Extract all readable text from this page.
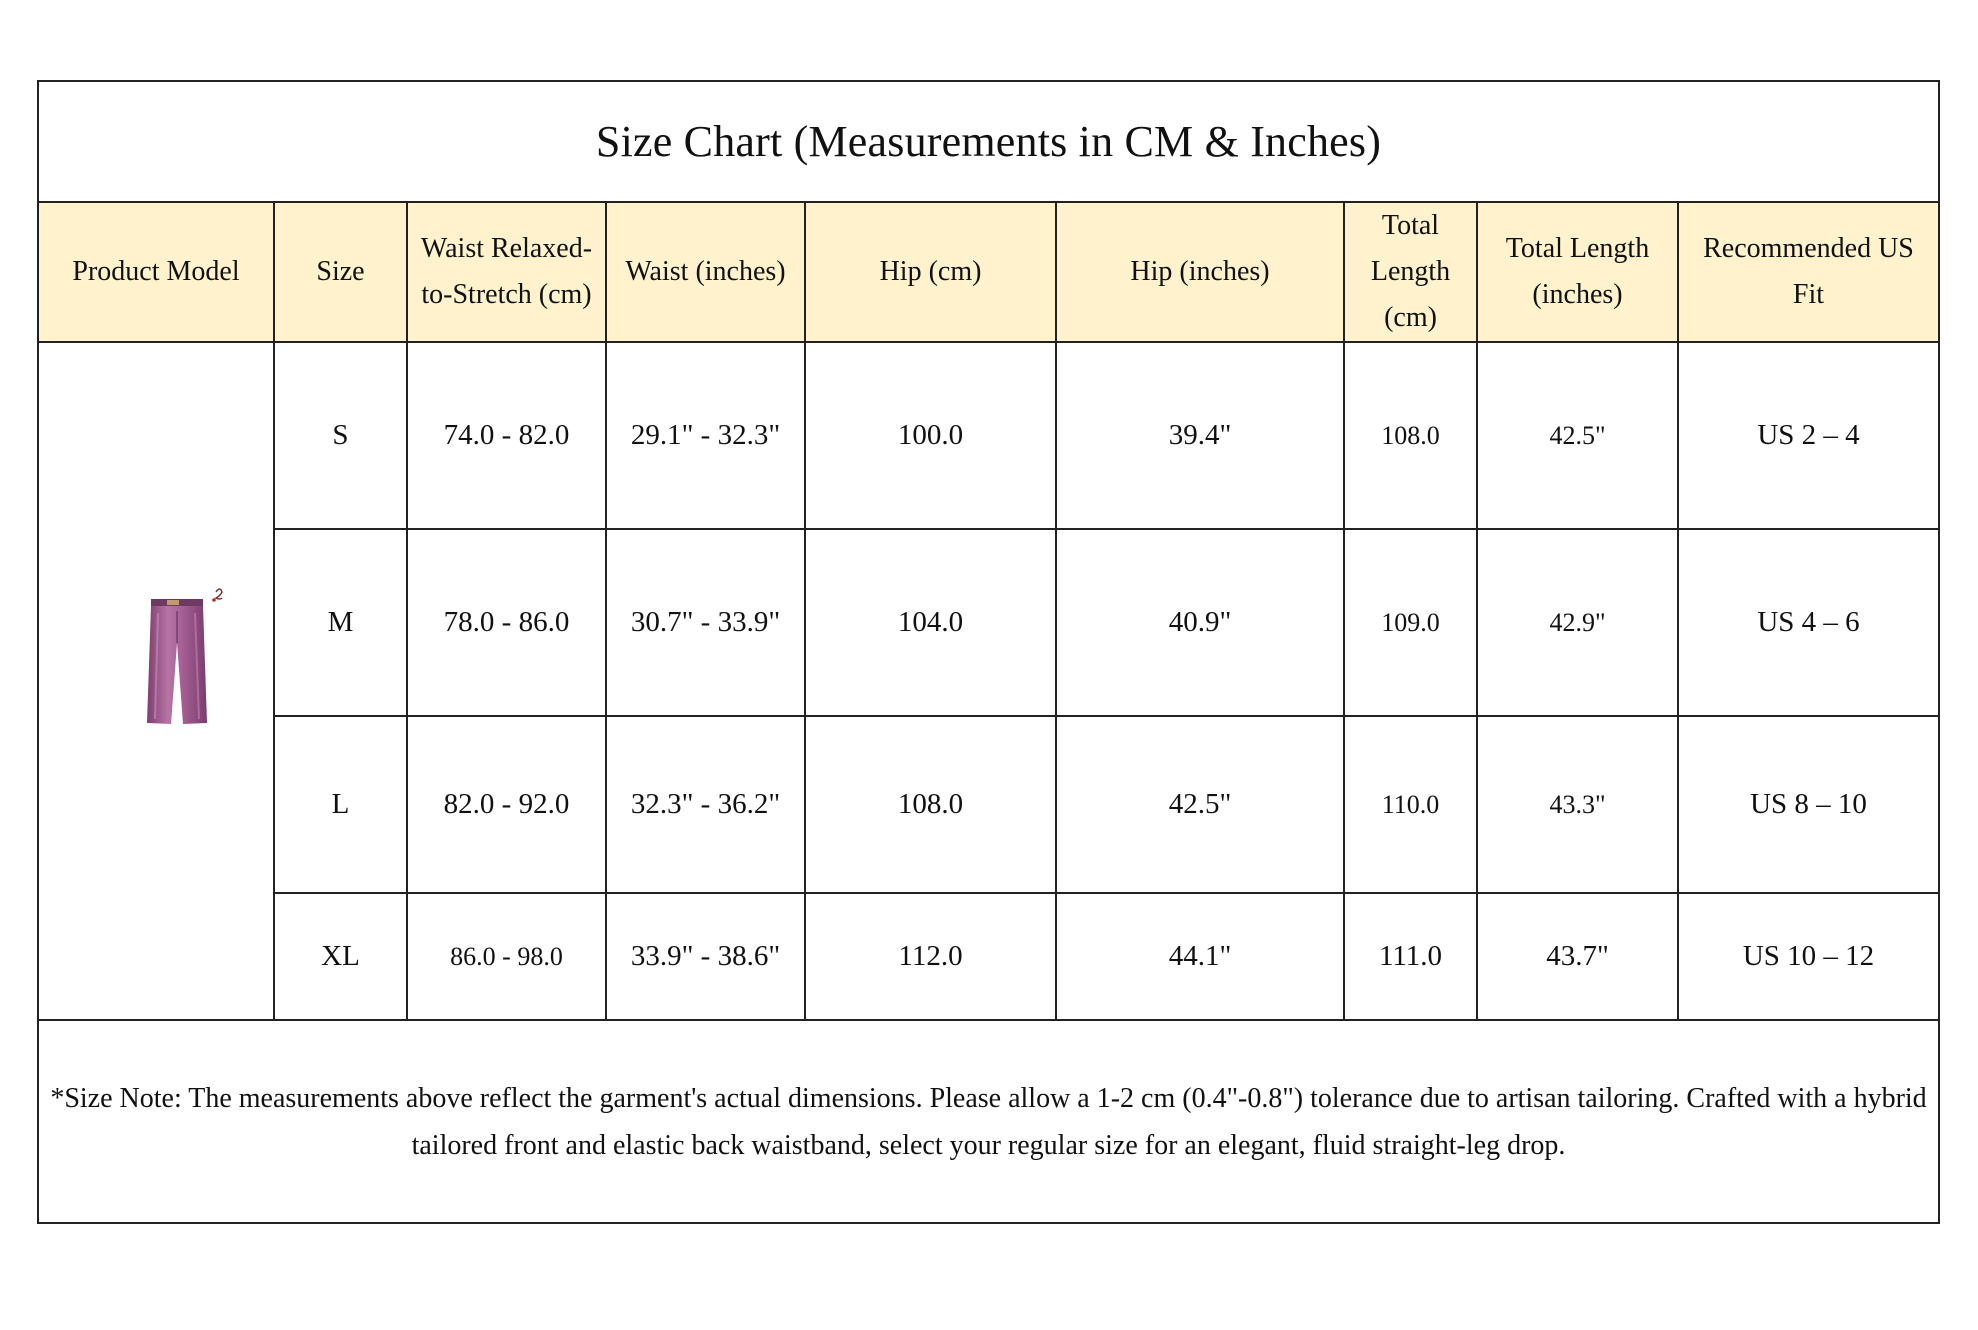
Size Chart (Measurements in CM & Inches)
Product Model	Size	Waist Relaxed-to-Stretch (cm)	Waist (inches)	Hip (cm)	Hip (inches)	Total Length (cm)	Total Length (inches)	Recommended US Fit

	S	74.0 - 82.0	29.1" - 32.3"	100.0	39.4"	108.0	42.5"	US 2 – 4
	M	78.0 - 86.0	30.7" - 33.9"	104.0	40.9"	109.0	42.9"	US 4 – 6
	L	82.0 - 92.0	32.3" - 36.2"	108.0	42.5"	110.0	43.3"	US 8 – 10
	XL	86.0 - 98.0	33.9" - 38.6"	112.0	44.1"	111.0	43.7"	US 10 – 12

*Size Note: The measurements above reflect the garment's actual dimensions. Please allow a 1-2 cm (0.4"-0.8") tolerance due to artisan tailoring. Crafted with a hybrid tailored front and elastic back waistband, select your regular size for an elegant, fluid straight-leg drop.
